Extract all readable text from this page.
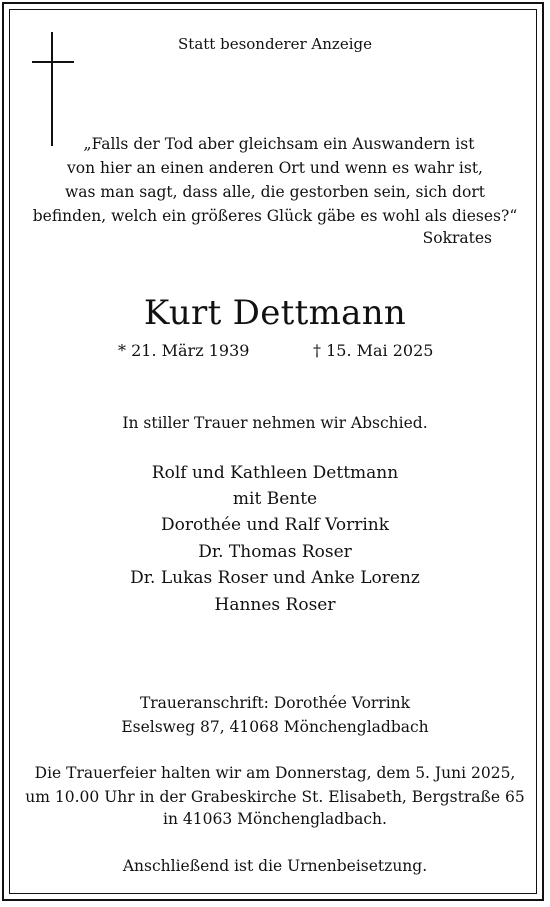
Statt besonderer Anzeige
„Falls der Tod aber gleichsam ein Auswandern ist
von hier an einen anderen Ort und wenn es wahr ist,
was man sagt, dass alle, die gestorben sein, sich dort
befinden, welch ein größeres Glück gäbe es wohl als dieses?“
Sokrates
Kurt Dettmann
* 21. März 1939	† 15. Mai 2025
In stiller Trauer nehmen wir Abschied.
Rolf und Kathleen Dettmann
mit Bente
Dorothée und Ralf Vorrink
Dr. Thomas Roser
Dr. Lukas Roser und Anke Lorenz
Hannes Roser
Traueranschrift: Dorothée Vorrink
Eselsweg 87, 41068 Mönchengladbach
Die Trauerfeier halten wir am Donnerstag, dem 5. Juni 2025,
um 10.00 Uhr in der Grabeskirche St. Elisabeth, Bergstraße 65
in 41063 Mönchengladbach.
Anschließend ist die Urnenbeisetzung.
